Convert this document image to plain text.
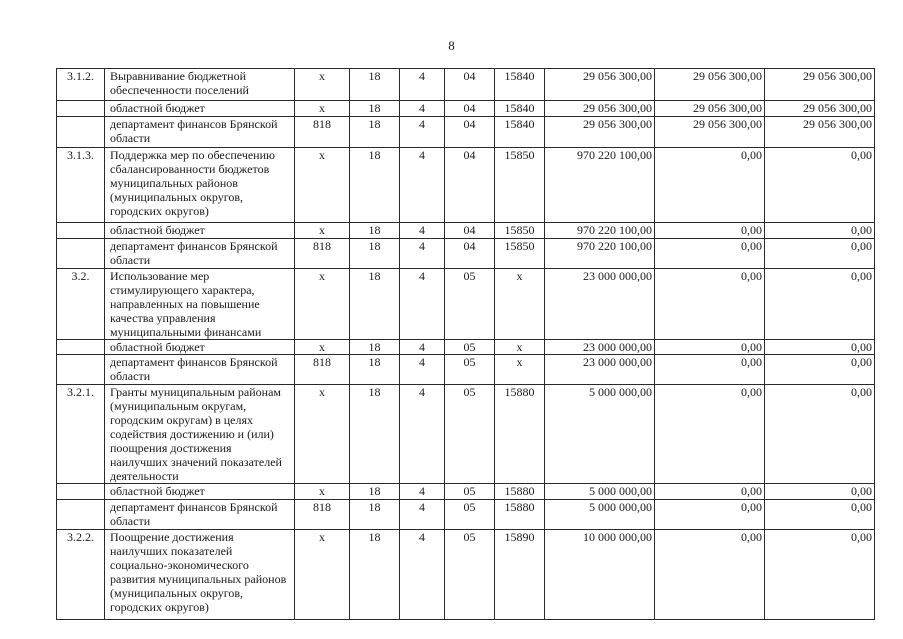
8
3.1.2.	Выравнивание бюджетной обеспеченности поселений	х	18	4	04	15840	29 056 300,00	29 056 300,00	29 056 300,00
	областной бюджет	х	18	4	04	15840	29 056 300,00	29 056 300,00	29 056 300,00
	департамент финансов Брянской области	818	18	4	04	15840	29 056 300,00	29 056 300,00	29 056 300,00
3.1.3.	Поддержка мер по обеспечению сбалансированности бюджетов муниципальных районов (муниципальных округов, городских округов)	х	18	4	04	15850	970 220 100,00	0,00	0,00
	областной бюджет	х	18	4	04	15850	970 220 100,00	0,00	0,00
	департамент финансов Брянской области	818	18	4	04	15850	970 220 100,00	0,00	0,00
3.2.	Использование мер стимулирующего характера, направленных на повышение качества управления муниципальными финансами	х	18	4	05	х	23 000 000,00	0,00	0,00
	областной бюджет	х	18	4	05	х	23 000 000,00	0,00	0,00
	департамент финансов Брянской области	818	18	4	05	х	23 000 000,00	0,00	0,00
3.2.1.	Гранты муниципальным районам (муниципальным округам, городским округам) в целях содействия достижению и (или) поощрения достижения наилучших значений показателей деятельности	х	18	4	05	15880	5 000 000,00	0,00	0,00
	областной бюджет	х	18	4	05	15880	5 000 000,00	0,00	0,00
	департамент финансов Брянской области	818	18	4	05	15880	5 000 000,00	0,00	0,00
3.2.2.	Поощрение достижения наилучших показателей социально-экономического развития муниципальных районов (муниципальных округов, городских округов)	х	18	4	05	15890	10 000 000,00	0,00	0,00
